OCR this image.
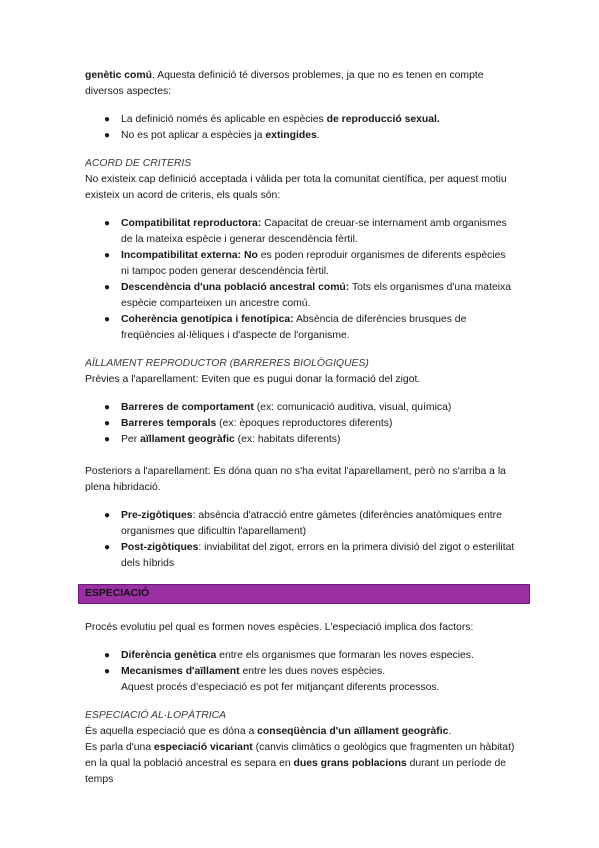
genètic comú. Aquesta definició té diversos problemes, ja que no es tenen en compte diversos aspectes:

● La definició només és aplicable en espècies de reproducció sexual.
● No es pot aplicar a espècies ja extingides.

ACORD DE CRITERIS

No existeix cap definició acceptada i vàlida per tota la comunitat científica, per aquest motiu existeix un acord de criteris, els quals són:

● Compatibilitat reproductora: Capacitat de creuar-se internament amb organismes de la mateixa espècie i generar descendència fèrtil.
● Incompatibilitat externa: No es poden reproduir organismes de diferents espècies ni tampoc poden generar descendència fèrtil.
● Descendència d'una població ancestral comú: Tots els organismes d'una mateixa espècie comparteixen un ancestre comú.
● Coherència genotípica i fenotípica: Absència de diferències brusques de freqüències al·lèliques i d'aspecte de l'organisme.

AÏLLAMENT REPRODUCTOR (BARRERES BIOLÒGIQUES)

Prèvies a l'aparellament: Eviten que es pugui donar la formació del zigot.

● Barreres de comportament (ex: comunicació auditiva, visual, química)
● Barreres temporals (ex: èpoques reproductores diferents)
● Per aïllament geogràfic (ex: habitats diferents)

Posteriors a l'aparellament: Es dóna quan no s'ha evitat l'aparellament, però no s'arriba a la plena hibridació.

● Pre-zigòtiques: absència d'atracció entre gàmetes (diferències anatòmiques entre organismes que dificultin l'aparellament)
● Post-zigòtiques: inviabilitat del zigot, errors en la primera divisió del zigot o esterilitat dels híbrids
ESPECIACIÓ

Procés evolutiu pel qual es formen noves espècies. L'especiació implica dos factors:

● Diferència genètica entre els organismes que formaran les noves especies.
● Mecanismes d'aïllament entre les dues noves espècies.

Aquest procés d'especiació es pot fer mitjançant diferents processos.

ESPECIACIÓ AL·LOPÀTRICA

És aquella especiació que es dóna a conseqüència d'un aïllament geogràfic.

Es parla d'una especiació vicariant (canvis climàtics o geològics que fragmenten un hàbitat) en la qual la població ancestral es separa en dues grans poblacions durant un període de temps
